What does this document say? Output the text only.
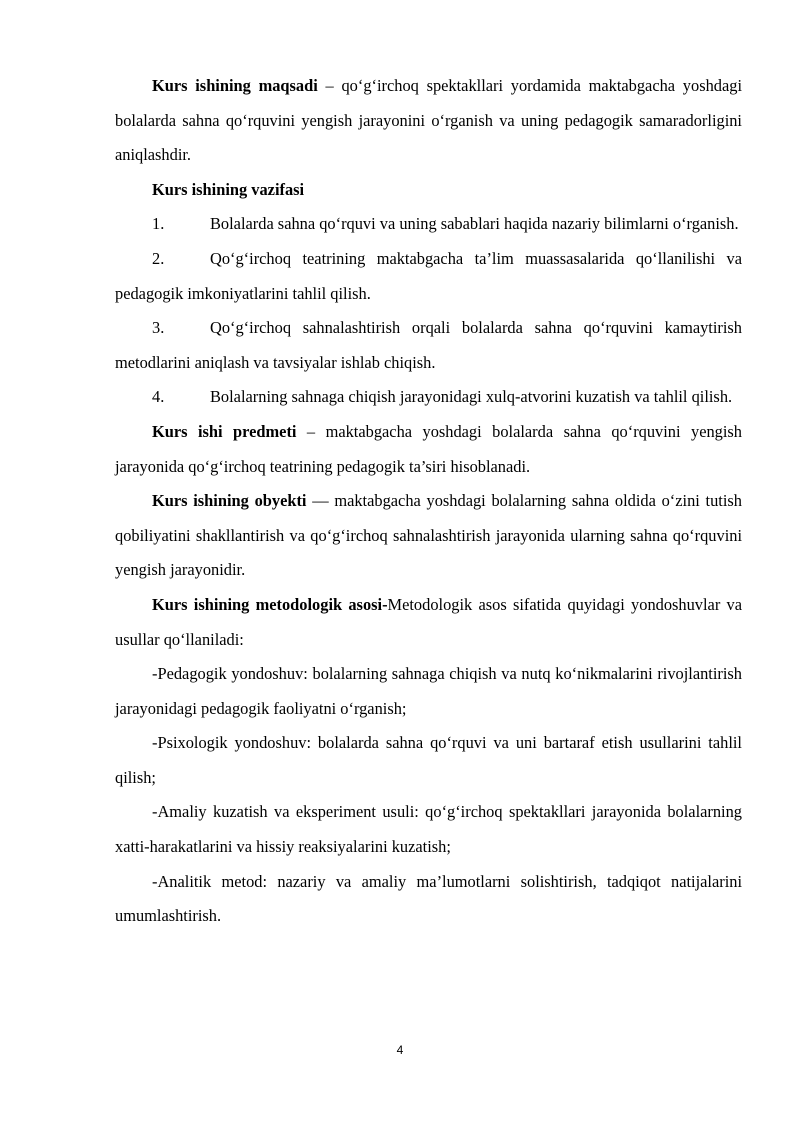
Kurs ishining maqsadi – qo‘g‘irchoq spektakllari yordamida maktabgacha yoshdagi bolalarda sahna qo‘rquvini yengish jarayonini o‘rganish va uning pedagogik samaradorligini aniqlashdir.

Kurs ishining vazifasi

1.	Bolalarda sahna qo‘rquvi va uning sabablari haqida nazariy bilimlarni o‘rganish.

2.	Qo‘g‘irchoq teatrining maktabgacha ta’lim muassasalarida qo‘llanilishi va pedagogik imkoniyatlarini tahlil qilish.

3.	Qo‘g‘irchoq sahnalashtirish orqali bolalarda sahna qo‘rquvini kamaytirish metodlarini aniqlash va tavsiyalar ishlab chiqish.

4.	Bolalarning sahnaga chiqish jarayonidagi xulq-atvorini kuzatish va tahlil qilish.

Kurs ishi predmeti – maktabgacha yoshdagi bolalarda sahna qo‘rquvini yengish jarayonida qo‘g‘irchoq teatrining pedagogik ta’siri hisoblanadi.

Kurs ishining obyekti — maktabgacha yoshdagi bolalarning sahna oldida o‘zini tutish qobiliyatini shakllantirish va qo‘g‘irchoq sahnalashtirish jarayonida ularning sahna qo‘rquvini yengish jarayonidir.

Kurs ishining metodologik asosi-Metodologik asos sifatida quyidagi yondoshuvlar va usullar qo‘llaniladi:

-Pedagogik yondoshuv: bolalarning sahnaga chiqish va nutq ko‘nikmalarini rivojlantirish jarayonidagi pedagogik faoliyatni o‘rganish;

-Psixologik yondoshuv: bolalarda sahna qo‘rquvi va uni bartaraf etish usullarini tahlil qilish;

-Amaliy kuzatish va eksperiment usuli: qo‘g‘irchoq spektakllari jarayonida bolalarning xatti-harakatlarini va hissiy reaksiyalarini kuzatish;

-Analitik metod: nazariy va amaliy ma’lumotlarni solishtirish, tadqiqot natijalarini umumlashtirish.

4
